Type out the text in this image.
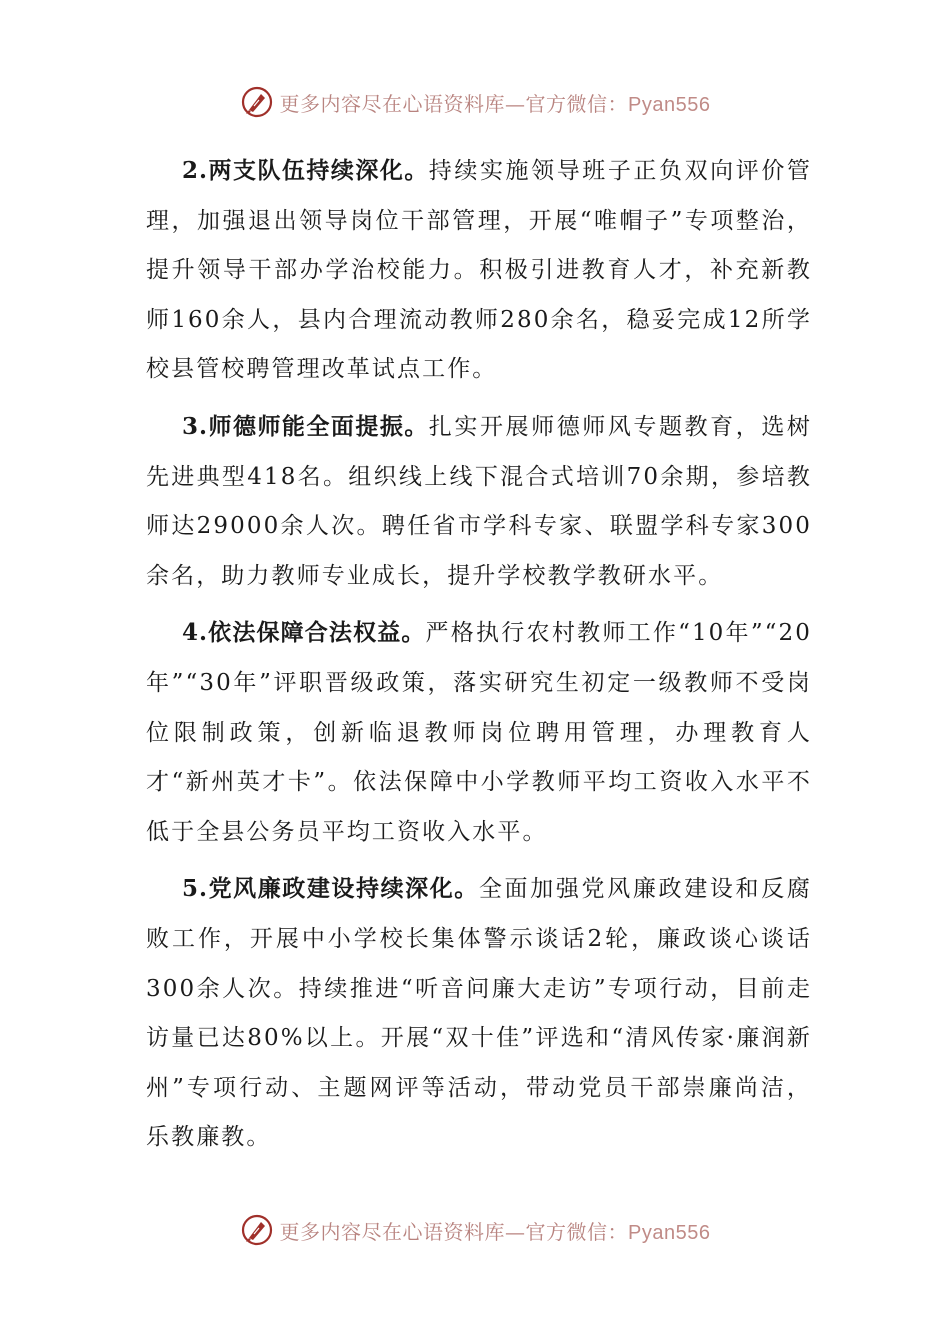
更多内容尽在心语资料库—官方微信：Pyan556

2.两支队伍持续深化。持续实施领导班子正负双向评价管理，加强退出领导岗位干部管理，开展“唯帽子”专项整治，提升领导干部办学治校能力。积极引进教育人才，补充新教师160余人，县内合理流动教师280余名，稳妥完成12所学校县管校聘管理改革试点工作。

3.师德师能全面提振。扎实开展师德师风专题教育，选树先进典型418名。组织线上线下混合式培训70余期，参培教师达29000余人次。聘任省市学科专家、联盟学科专家300余名，助力教师专业成长，提升学校教学教研水平。

4.依法保障合法权益。严格执行农村教师工作“10年”“20年”“30年”评职晋级政策，落实研究生初定一级教师不受岗位限制政策，创新临退教师岗位聘用管理，办理教育人才“新州英才卡”。依法保障中小学教师平均工资收入水平不低于全县公务员平均工资收入水平。

5.党风廉政建设持续深化。全面加强党风廉政建设和反腐败工作，开展中小学校长集体警示谈话2轮，廉政谈心谈话300余人次。持续推进“听音问廉大走访”专项行动，目前走访量已达80%以上。开展“双十佳”评选和“清风传家·廉润新州”专项行动、主题网评等活动，带动党员干部崇廉尚洁，乐教廉教。

更多内容尽在心语资料库—官方微信：Pyan556
